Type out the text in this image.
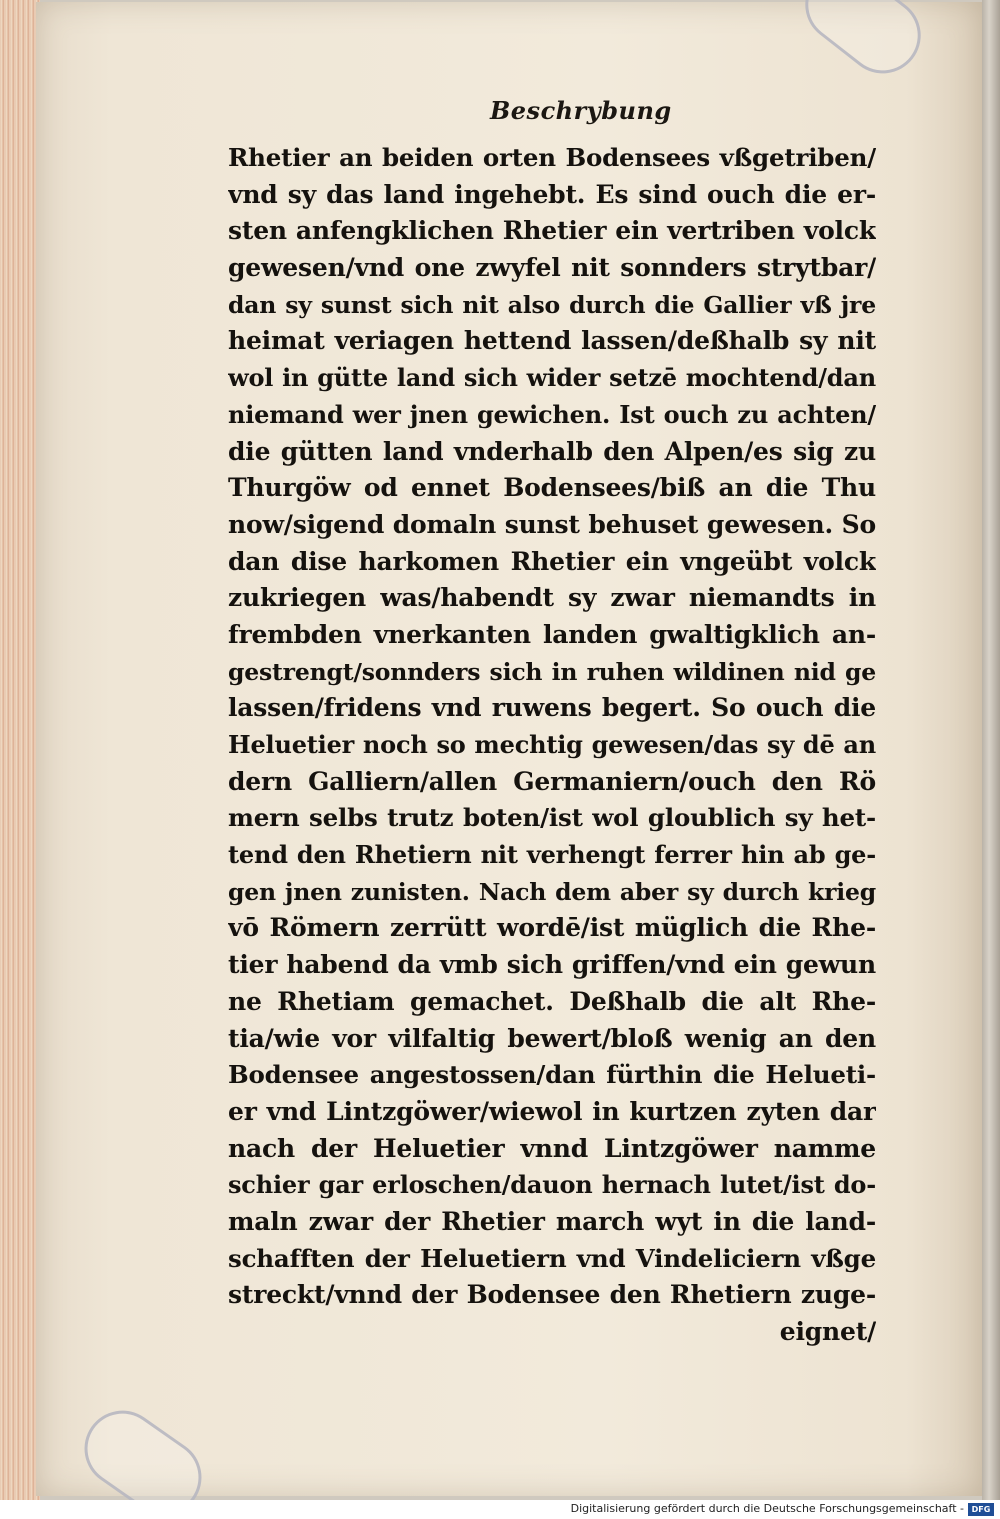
Beschrybung
Rhetier an beiden orten Bodensees vßgetriben/
vnd sy das land ingehebt. Es sind ouch die er-
sten anfengklichen Rhetier ein vertriben volck
gewesen/vnd one zwyfel nit sonnders strytbar/
dan sy sunst sich nit also durch die Gallier vß jre
heimat veriagen hettend lassen/deßhalb sy nit
wol in gütte land sich wider setzē mochtend/dan
niemand wer jnen gewichen. Ist ouch zu achten/
die gütten land vnderhalb den Alpen/es sig zu
Thurgöw od ennet Bodensees/biß an die Thu
now/sigend domaln sunst behuset gewesen. So
dan dise harkomen Rhetier ein vngeübt volck
zukriegen was/habendt sy zwar niemandts in
frembden vnerkanten landen gwaltigklich an-
gestrengt/sonnders sich in ruhen wildinen nid ge
lassen/fridens vnd ruwens begert. So ouch die
Heluetier noch so mechtig gewesen/das sy dē an
dern Galliern/allen Germaniern/ouch den Rö
mern selbs trutz boten/ist wol gloublich sy het-
tend den Rhetiern nit verhengt ferrer hin ab ge-
gen jnen zunisten. Nach dem aber sy durch krieg
vō Römern zerrütt wordē/ist müglich die Rhe-
tier habend da vmb sich griffen/vnd ein gewun
ne Rhetiam gemachet. Deßhalb die alt Rhe-
tia/wie vor vilfaltig bewert/bloß wenig an den
Bodensee angestossen/dan fürthin die Helueti-
er vnd Lintzgöwer/wiewol in kurtzen zyten dar
nach der Heluetier vnnd Lintzgöwer namme
schier gar erloschen/dauon hernach lutet/ist do-
maln zwar der Rhetier march wyt in die land-
schafften der Heluetiern vnd Vindeliciern vßge
streckt/vnnd der Bodensee den Rhetiern zuge-
eignet/
Digitalisierung gefördert durch die Deutsche Forschungsgemeinschaft - DFG
